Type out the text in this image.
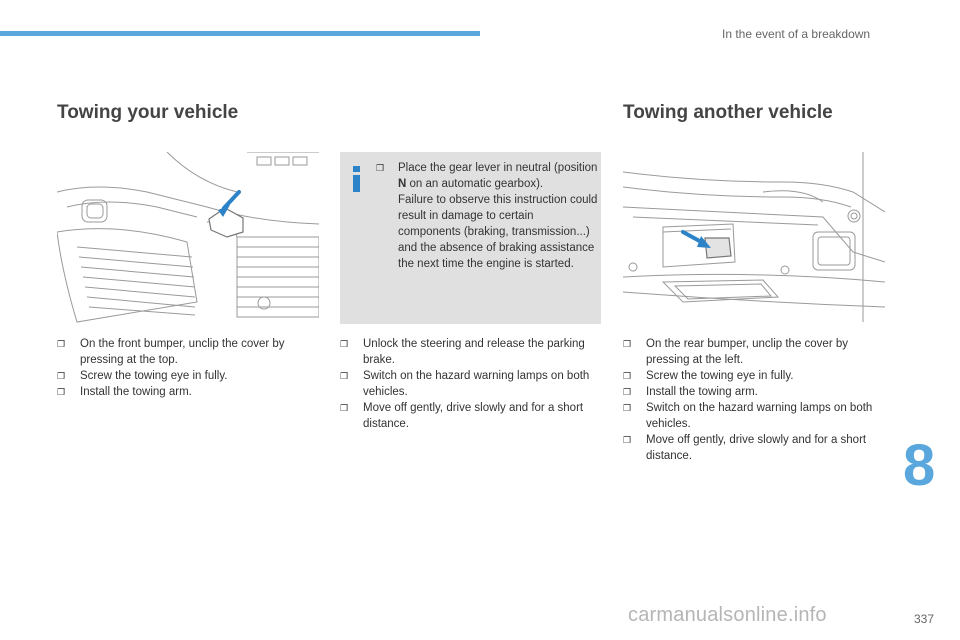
In the event of a breakdown
Towing your vehicle	Towing another vehicle
❒ Place the gear lever in neutral (position N on an automatic gearbox).
Failure to observe this instruction could result in damage to certain components (braking, transmission...) and the absence of braking assistance the next time the engine is started.
❒ On the front bumper, unclip the cover by pressing at the top.
❒ Screw the towing eye in fully.
❒ Install the towing arm.
❒ Unlock the steering and release the parking brake.
❒ Switch on the hazard warning lamps on both vehicles.
❒ Move off gently, drive slowly and for a short distance.
❒ On the rear bumper, unclip the cover by pressing at the left.
❒ Screw the towing eye in fully.
❒ Install the towing arm.
❒ Switch on the hazard warning lamps on both vehicles.
❒ Move off gently, drive slowly and for a short distance.	8
carmanualsonline.info	337
